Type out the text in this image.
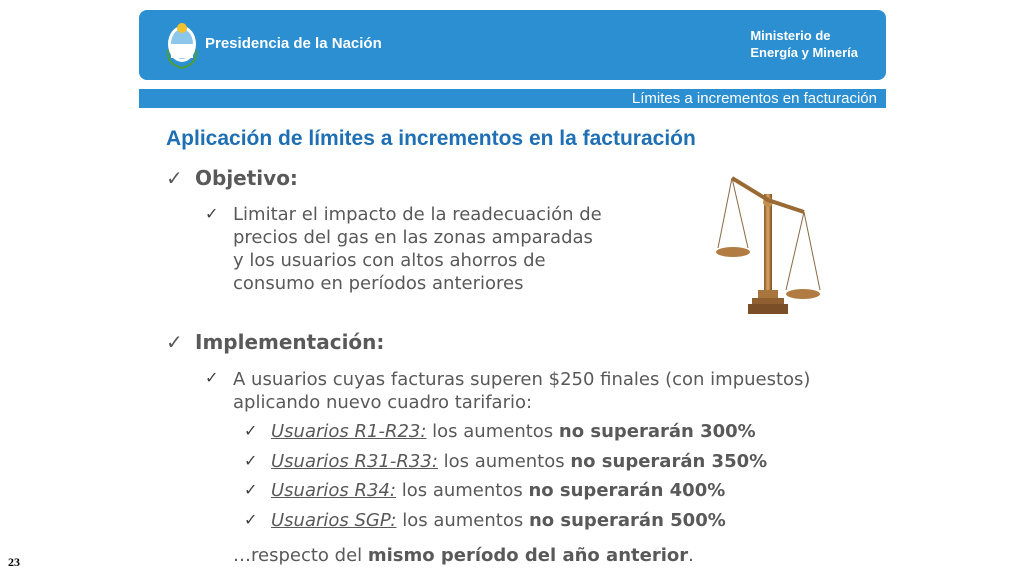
Presidencia de la Nación	Ministerio de
Energía y Minería
Límites a incrementos en facturación
Aplicación de límites a incrementos en la facturación
✓ Objetivo:
✓ Limitar el impacto de la readecuación de
precios del gas en las zonas amparadas
y los usuarios con altos ahorros de
consumo en períodos anteriores
✓ Implementación:
✓ A usuarios cuyas facturas superen $250 finales (con impuestos)
aplicando nuevo cuadro tarifario:
✓ Usuarios R1-R23: los aumentos no superarán 300%
✓ Usuarios R31-R33: los aumentos no superarán 350%
✓ Usuarios R34: los aumentos no superarán 400%
✓ Usuarios SGP: los aumentos no superarán 500%
…respecto del mismo período del año anterior.
23
